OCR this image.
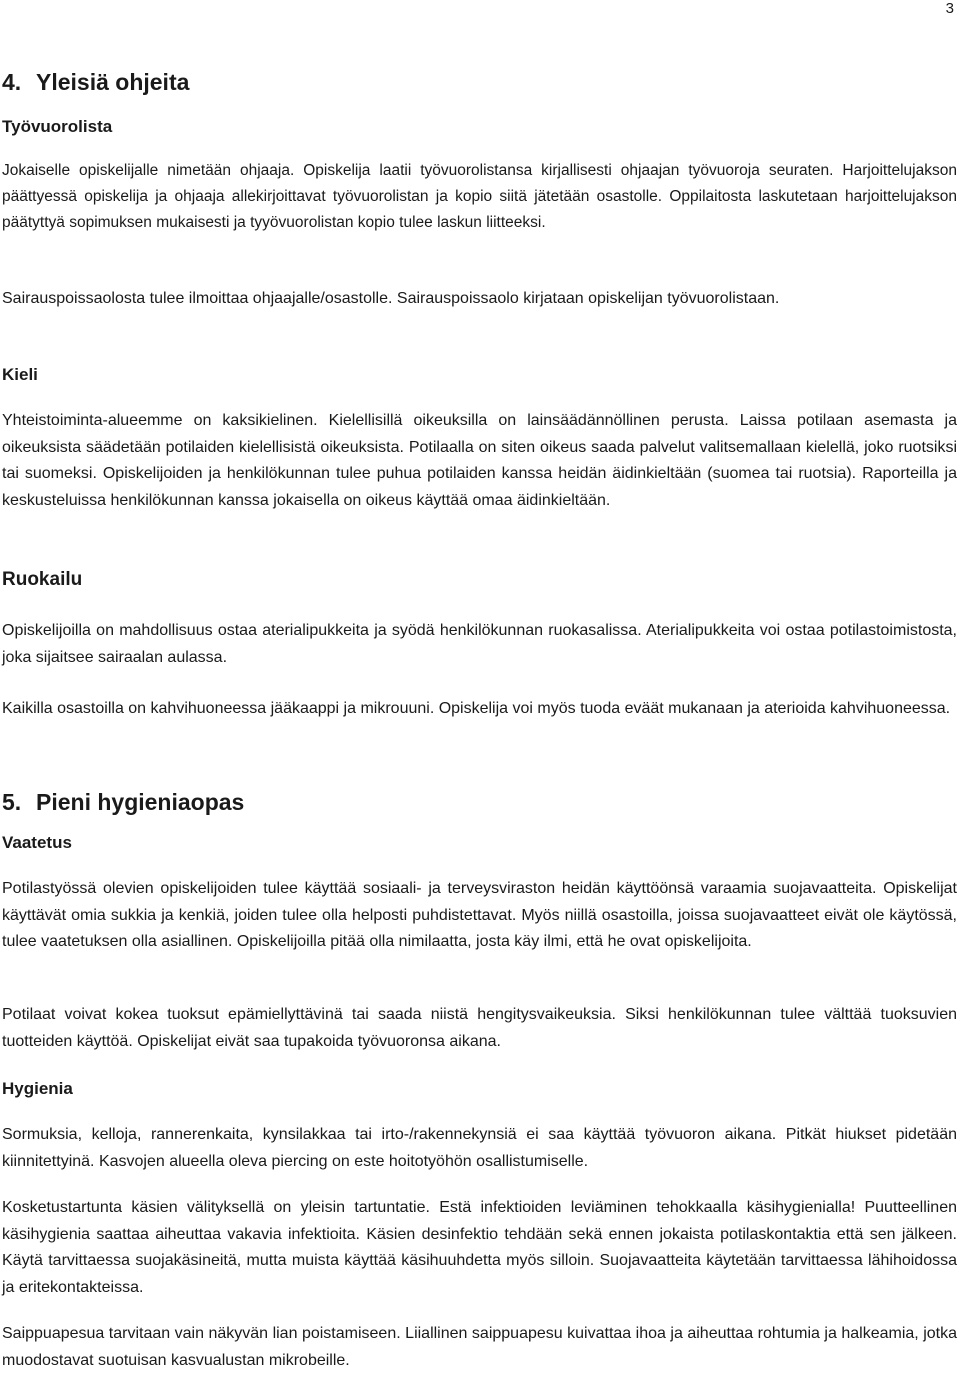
3
4. Yleisiä ohjeita
Työvuorolista

Jokaiselle opiskelijalle nimetään ohjaaja. Opiskelija laatii työvuorolistansa kirjallisesti ohjaajan työvuoroja seuraten. Harjoittelujakson päättyessä opiskelija ja ohjaaja allekirjoittavat työvuorolistan ja kopio siitä jätetään osastolle. Oppilaitosta laskutetaan harjoittelujakson päätyttyä sopimuksen mukaisesti ja tyyövuorolistan kopio tulee laskun liitteeksi.

Sairauspoissaolosta tulee ilmoittaa ohjaajalle/osastolle. Sairauspoissaolo kirjataan opiskelijan työvuorolistaan.

Kieli

Yhteistoiminta-alueemme on kaksikielinen. Kielellisillä oikeuksilla on lainsäädännöllinen perusta. Laissa potilaan asemasta ja oikeuksista säädetään potilaiden kielellisistä oikeuksista. Potilaalla on siten oikeus saada palvelut valitsemallaan kielellä, joko ruotsiksi tai suomeksi. Opiskelijoiden ja henkilökunnan tulee puhua potilaiden kanssa heidän äidinkieltään (suomea tai ruotsia). Raporteilla ja keskusteluissa henkilökunnan kanssa jokaisella on oikeus käyttää omaa äidinkieltään.

Ruokailu

Opiskelijoilla on mahdollisuus ostaa aterialipukkeita ja syödä henkilökunnan ruokasalissa. Aterialipukkeita voi ostaa potilastoimistosta, joka sijaitsee sairaalan aulassa.

Kaikilla osastoilla on kahvihuoneessa jääkaappi ja mikrouuni. Opiskelija voi myös tuoda eväät mukanaan ja aterioida kahvihuoneessa.

5. Pieni hygieniaopas
Vaatetus

Potilastyössä olevien opiskelijoiden tulee käyttää sosiaali- ja terveysviraston heidän käyttöönsä varaamia suojavaatteita. Opiskelijat käyttävät omia sukkia ja kenkiä, joiden tulee olla helposti puhdistettavat. Myös niillä osastoilla, joissa suojavaatteet eivät ole käytössä, tulee vaatetuksen olla asiallinen. Opiskelijoilla pitää olla nimilaatta, josta käy ilmi, että he ovat opiskelijoita.

Potilaat voivat kokea tuoksut epämiellyttävinä tai saada niistä hengitysvaikeuksia. Siksi henkilökunnan tulee välttää tuoksuvien tuotteiden käyttöä. Opiskelijat eivät saa tupakoida työvuoronsa aikana.

Hygienia

Sormuksia, kelloja, rannerenkaita, kynsilakkaa tai irto-/rakennekynsiä ei saa käyttää työvuoron aikana. Pitkät hiukset pidetään kiinnitettyinä. Kasvojen alueella oleva piercing on este hoitotyöhön osallistumiselle.

Kosketustartunta käsien välityksellä on yleisin tartuntatie. Estä infektioiden leviäminen tehokkaalla käsihygienialla! Puutteellinen käsihygienia saattaa aiheuttaa vakavia infektioita. Käsien desinfektio tehdään sekä ennen jokaista potilaskontaktia että sen jälkeen. Käytä tarvittaessa suojakäsineitä, mutta muista käyttää käsihuuhdetta myös silloin. Suojavaatteita käytetään tarvittaessa lähihoidossa ja eritekontakteissa.

Saippuapesua tarvitaan vain näkyvän lian poistamiseen. Liiallinen saippuapesu kuivattaa ihoa ja aiheuttaa rohtumia ja halkeamia, jotka muodostavat suotuisan kasvualustan mikrobeille.
